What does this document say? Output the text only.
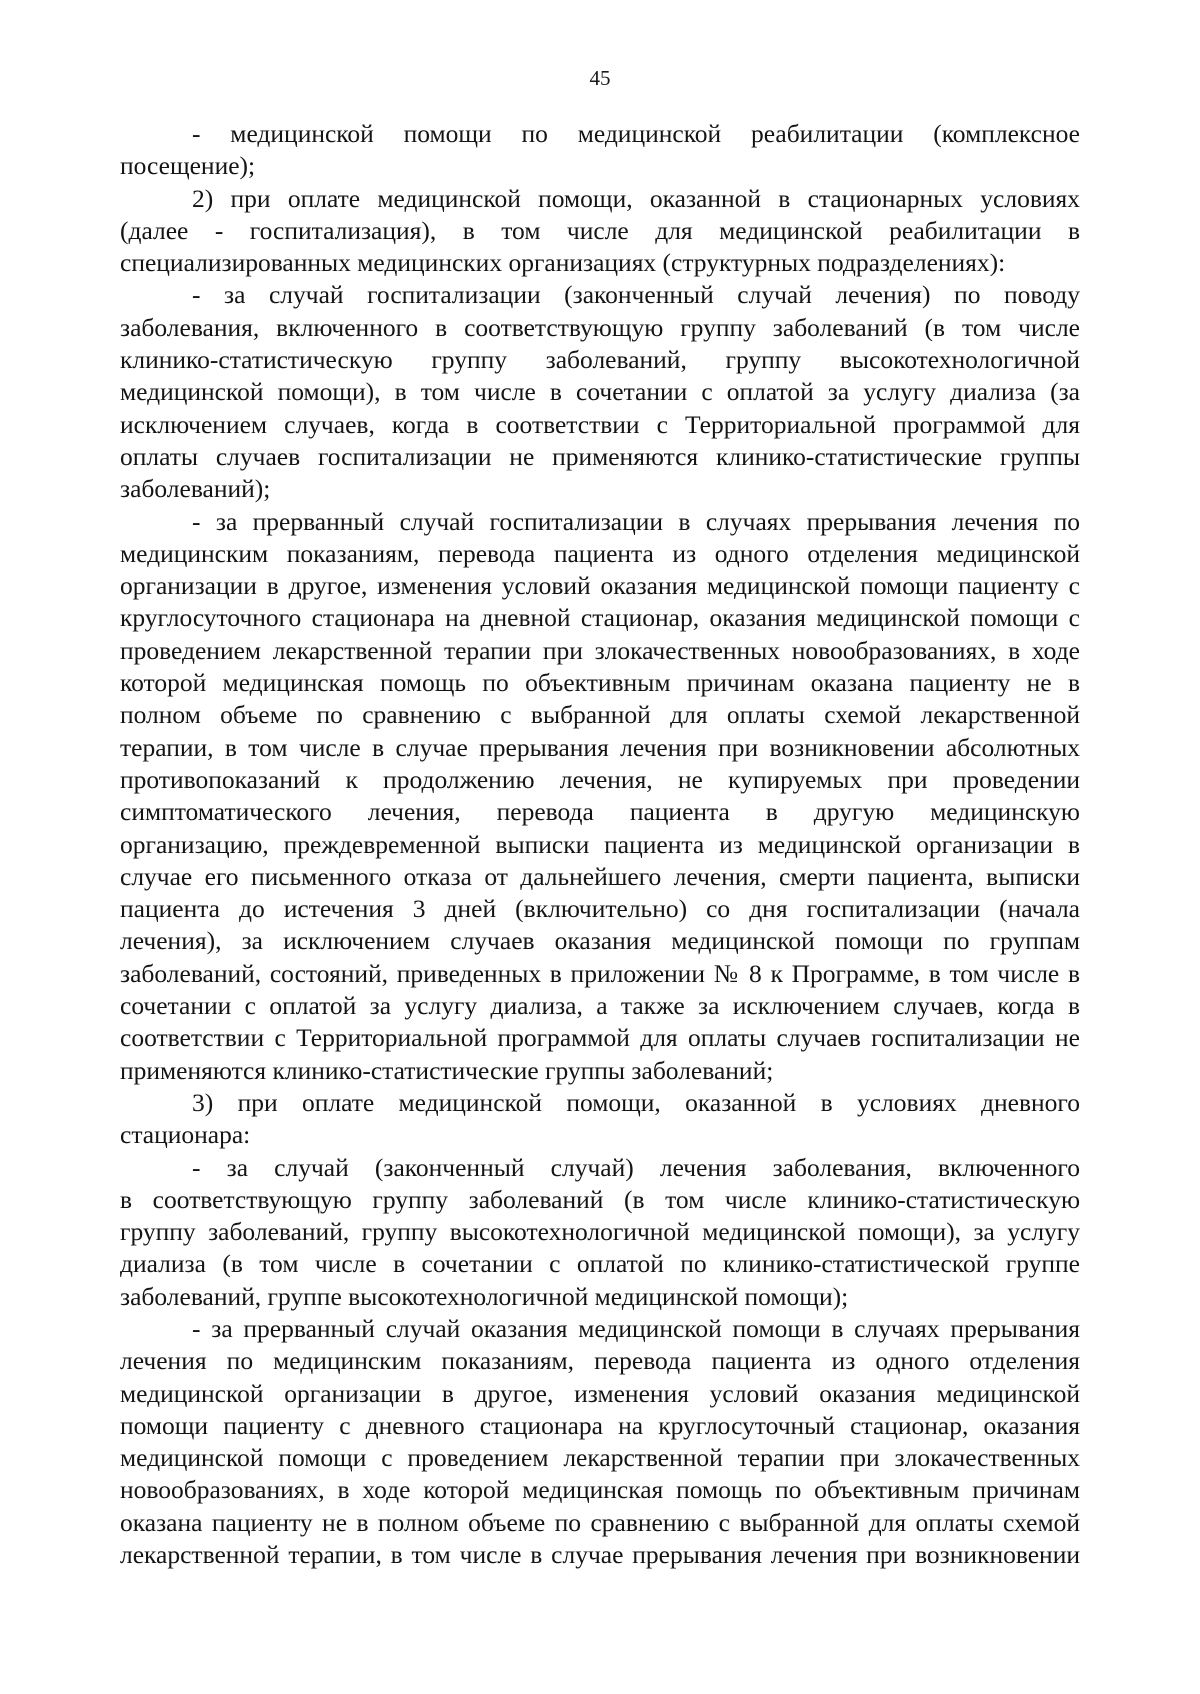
45
- медицинской помощи по медицинской реабилитации (комплексное
посещение);
2) при оплате медицинской помощи, оказанной в стационарных условиях
(далее - госпитализация), в том числе для медицинской реабилитации в
специализированных медицинских организациях (структурных подразделениях):
- за случай госпитализации (законченный случай лечения) по поводу
заболевания, включенного в соответствующую группу заболеваний (в том числе
клинико-статистическую группу заболеваний, группу высокотехнологичной
медицинской помощи), в том числе в сочетании с оплатой за услугу диализа (за
исключением случаев, когда в соответствии с Территориальной программой для
оплаты случаев госпитализации не применяются клинико-статистические группы
заболеваний);
- за прерванный случай госпитализации в случаях прерывания лечения по
медицинским показаниям, перевода пациента из одного отделения медицинской
организации в другое, изменения условий оказания медицинской помощи пациенту с
круглосуточного стационара на дневной стационар, оказания медицинской помощи с
проведением лекарственной терапии при злокачественных новообразованиях, в ходе
которой медицинская помощь по объективным причинам оказана пациенту не в
полном объеме по сравнению с выбранной для оплаты схемой лекарственной
терапии, в том числе в случае прерывания лечения при возникновении абсолютных
противопоказаний к продолжению лечения, не купируемых при проведении
симптоматического лечения, перевода пациента в другую медицинскую
организацию, преждевременной выписки пациента из медицинской организации в
случае его письменного отказа от дальнейшего лечения, смерти пациента, выписки
пациента до истечения 3 дней (включительно) со дня госпитализации (начала
лечения), за исключением случаев оказания медицинской помощи по группам
заболеваний, состояний, приведенных в приложении № 8 к Программе, в том числе в
сочетании с оплатой за услугу диализа, а также за исключением случаев, когда в
соответствии с Территориальной программой для оплаты случаев госпитализации не
применяются клинико-статистические группы заболеваний;
3) при оплате медицинской помощи, оказанной в условиях дневного
стационара:
- за случай (законченный случай) лечения заболевания, включенного
в соответствующую группу заболеваний (в том числе клинико-статистическую
группу заболеваний, группу высокотехнологичной медицинской помощи), за услугу
диализа (в том числе в сочетании с оплатой по клинико-статистической группе
заболеваний, группе высокотехнологичной медицинской помощи);
- за прерванный случай оказания медицинской помощи в случаях прерывания
лечения по медицинским показаниям, перевода пациента из одного отделения
медицинской организации в другое, изменения условий оказания медицинской
помощи пациенту с дневного стационара на круглосуточный стационар, оказания
медицинской помощи с проведением лекарственной терапии при злокачественных
новообразованиях, в ходе которой медицинская помощь по объективным причинам
оказана пациенту не в полном объеме по сравнению с выбранной для оплаты схемой
лекарственной терапии, в том числе в случае прерывания лечения при возникновении
